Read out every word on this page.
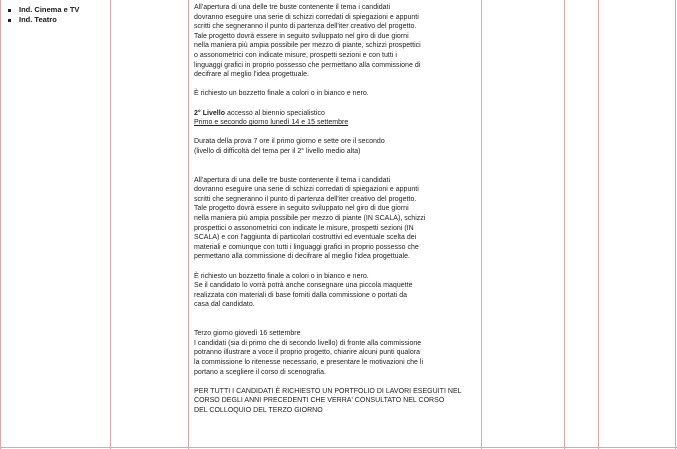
Ind. Cinema e TV
Ind. Teatro

All'apertura di una delle tre buste contenente il tema i candidati

dovranno eseguire una serie di schizzi corredati di spiegazioni e appunti

scritti che segneranno il punto di partenza dell'iter creativo del progetto.

Tale progetto dovrà essere in seguito sviluppato nel giro di due giorni

nella maniera più ampia possibile per mezzo di piante, schizzi prospettici

o assonometrici con indicate misure, prospetti sezioni e con tutti i

linguaggi grafici in proprio possesso che permettano alla commissione di

decifrare al meglio l'idea progettuale.

È richiesto un bozzetto finale a colori o in bianco e nero.

2° Livello accesso al biennio specialistico

Primo e secondo giorno lunedì 14 e 15 settembre

Durata della prova 7 ore il primo giorno e sette ore il secondo

(livello di difficoltà del tema per il 2° livello medio alta)

All'apertura di una delle tre buste contenente il tema i candidati

dovranno eseguire una serie di schizzi corredati di spiegazioni e appunti

scritti che segneranno il punto di partenza dell'iter creativo del progetto.

Tale progetto dovrà essere in seguito sviluppato nel giro di due giorni

nella maniera più ampia possibile per mezzo di piante (IN SCALA), schizzi

prospettici o assonometrici con indicate le misure, prospetti sezioni (IN

SCALA) e con l'aggiunta di particolari costruttivi ed eventuale scelta dei

materiali e comunque con tutti i linguaggi grafici in proprio possesso che

permettano alla commissione di decifrare al meglio l'idea progettuale.

È richiesto un bozzetto finale a colori o in bianco e nero.

Se il candidato lo vorrà potrà anche consegnare una piccola maquette

realizzata con materiali di base forniti dalla commissione o portati da

casa dal candidato.

Terzo giorno giovedì 16 settembre

I candidati (sia di primo che di secondo livello) di fronte alla commissione

potranno illustrare a voce il proprio progetto, chiarire alcuni punti qualora

la commissione lo ritenesse necessario, e presentare le motivazioni che li

portano a scegliere il corso di scenografia.

PER TUTTI I CANDIDATI È RICHIESTO UN PORTFOLIO DI LAVORI ESEGUITI NEL

CORSO DEGLI ANNI PRECEDENTI CHE VERRA' CONSULTATO NEL CORSO

DEL COLLOQUIO DEL TERZO GIORNO
